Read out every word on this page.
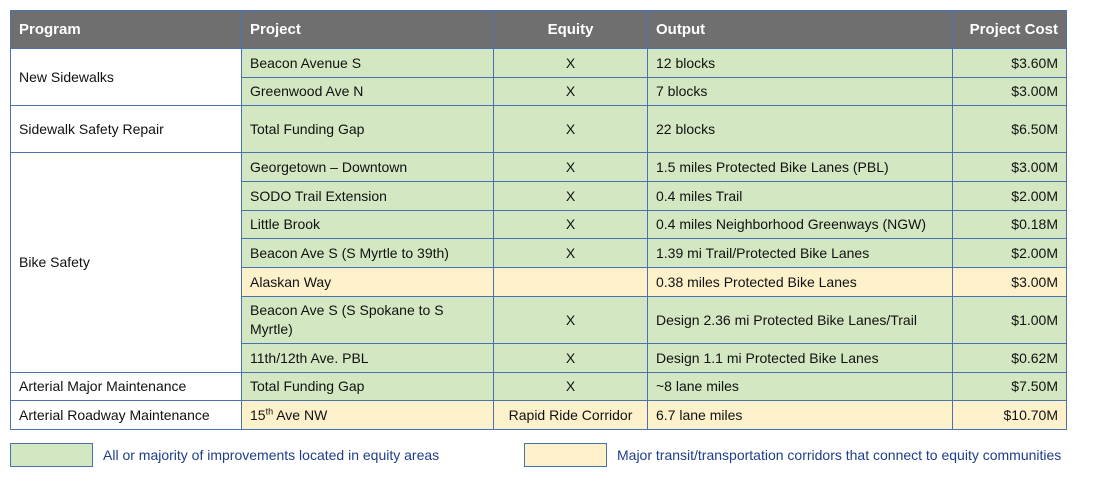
Program	Project	Equity	Output	Project Cost
New Sidewalks	Beacon Avenue S	X	12 blocks	$3.60M
	Greenwood Ave N	X	7 blocks	$3.00M
Sidewalk Safety Repair	Total Funding Gap	X	22 blocks	$6.50M
Bike Safety	Georgetown – Downtown	X	1.5 miles Protected Bike Lanes (PBL)	$3.00M
	SODO Trail Extension	X	0.4 miles Trail	$2.00M
	Little Brook	X	0.4 miles Neighborhood Greenways (NGW)	$0.18M
	Beacon Ave S (S Myrtle to 39th)	X	1.39 mi Trail/Protected Bike Lanes	$2.00M
	Alaskan Way		0.38 miles Protected Bike Lanes	$3.00M
	Beacon Ave S (S Spokane to S Myrtle)	X	Design 2.36 mi Protected Bike Lanes/Trail	$1.00M
	11th/12th Ave. PBL	X	Design 1.1 mi Protected Bike Lanes	$0.62M
Arterial Major Maintenance	Total Funding Gap	X	~8 lane miles	$7.50M
Arterial Roadway Maintenance	15th Ave NW	Rapid Ride Corridor	6.7 lane miles	$10.70M
All or majority of improvements located in equity areas	Major transit/transportation corridors that connect to equity communities
